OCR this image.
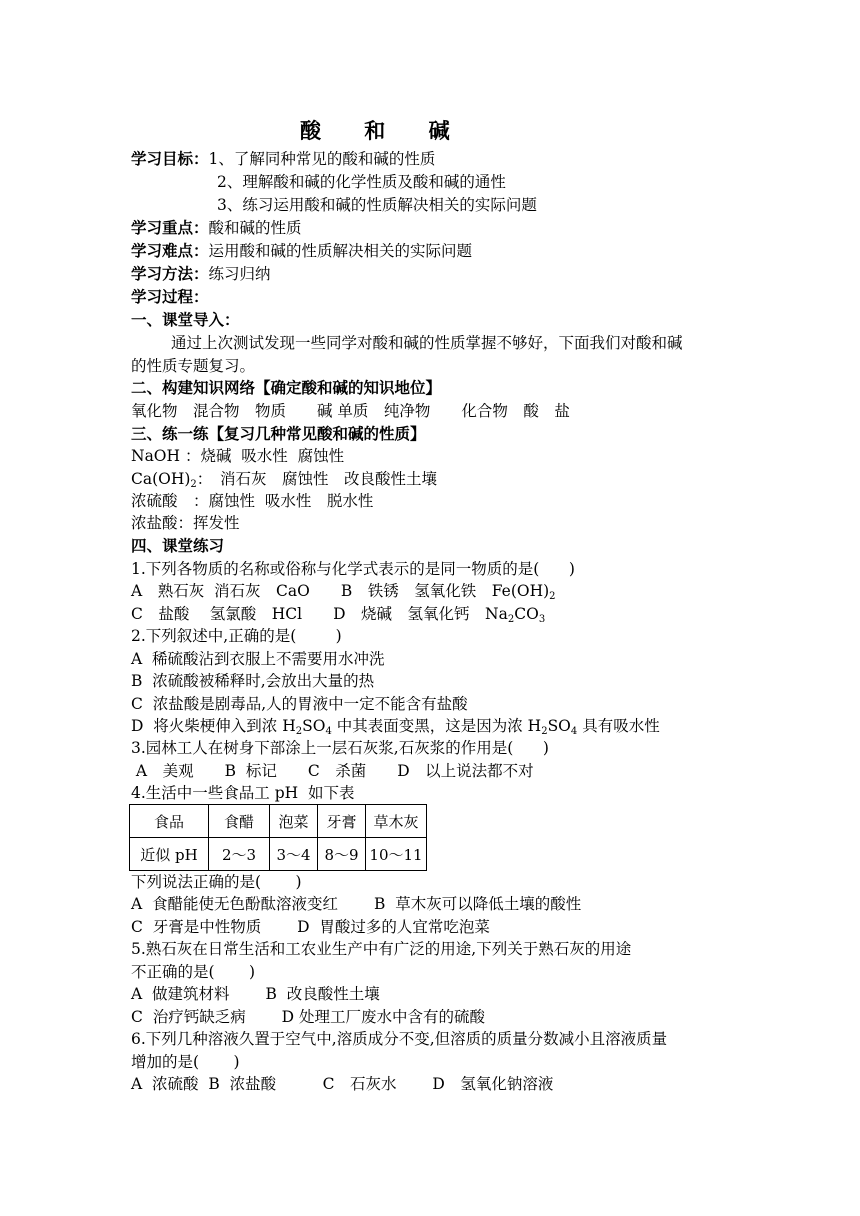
酸 和 碱
学习目标：1、了解同种常见的酸和碱的性质
2、理解酸和碱的化学性质及酸和碱的通性
3、练习运用酸和碱的性质解决相关的实际问题
学习重点：酸和碱的性质
学习难点：运用酸和碱的性质解决相关的实际问题
学习方法：练习归纳
学习过程：
一、课堂导入：
通过上次测试发现一些同学对酸和碱的性质掌握不够好，下面我们对酸和碱
的性质专题复习。
二、构建知识网络【确定酸和碱的知识地位】
氧化物　混合物　物质　　碱 单质　纯净物　　化合物　酸　盐
三、练一练【复习几种常见酸和碱的性质】
NaOH ：烧碱  吸水性  腐蚀性
$Ca(OH)_2$：　消石灰　腐蚀性　改良酸性土壤
浓硫酸　：腐蚀性  吸水性　脱水性
浓盐酸：挥发性
四、课堂练习
1.下列各物质的名称或俗称与化学式表示的是同一物质的是(      )
A　熟石灰  消石灰　CaO　　B　铁锈　氢氧化铁　$Fe(OH)_2$
C　盐酸　 氢氯酸　HCl　　D　烧碱　氢氧化钙　$Na_2CO_3$
2.下列叙述中,正确的是(        )
A  稀硫酸沾到衣服上不需要用水冲洗
B  浓硫酸被稀释时,会放出大量的热
C  浓盐酸是剧毒品,人的胃液中一定不能含有盐酸
D  将火柴梗伸入到浓 $H_2SO_4$ 中其表面变黑，这是因为浓 $H_2SO_4$ 具有吸水性
3.园林工人在树身下部涂上一层石灰浆,石灰浆的作用是(      )
A　美观　　B  标记　　C　杀菌　　D　以上说法都不对
4.生活中一些食品工 pH  如下表
食品	食醋	泡菜	牙膏	草木灰
近似 pH	2～3	3～4	8～9	10～11
下列说法正确的是(       )
A  食醋能使无色酚酞溶液变红　　 B  草木灰可以降低土壤的酸性
C  牙膏是中性物质　　 D  胃酸过多的人宜常吃泡菜
5.熟石灰在日常生活和工农业生产中有广泛的用途,下列关于熟石灰的用途
不正确的是(       )
A  做建筑材料　　 B  改良酸性土壤
C  治疗钙缺乏病　　 D 处理工厂废水中含有的硫酸
6.下列几种溶液久置于空气中,溶质成分不变,但溶质的质量分数减小且溶液质量
增加的是(       )
A  浓硫酸  B  浓盐酸　　　C　石灰水　　 D　氢氧化钠溶液
